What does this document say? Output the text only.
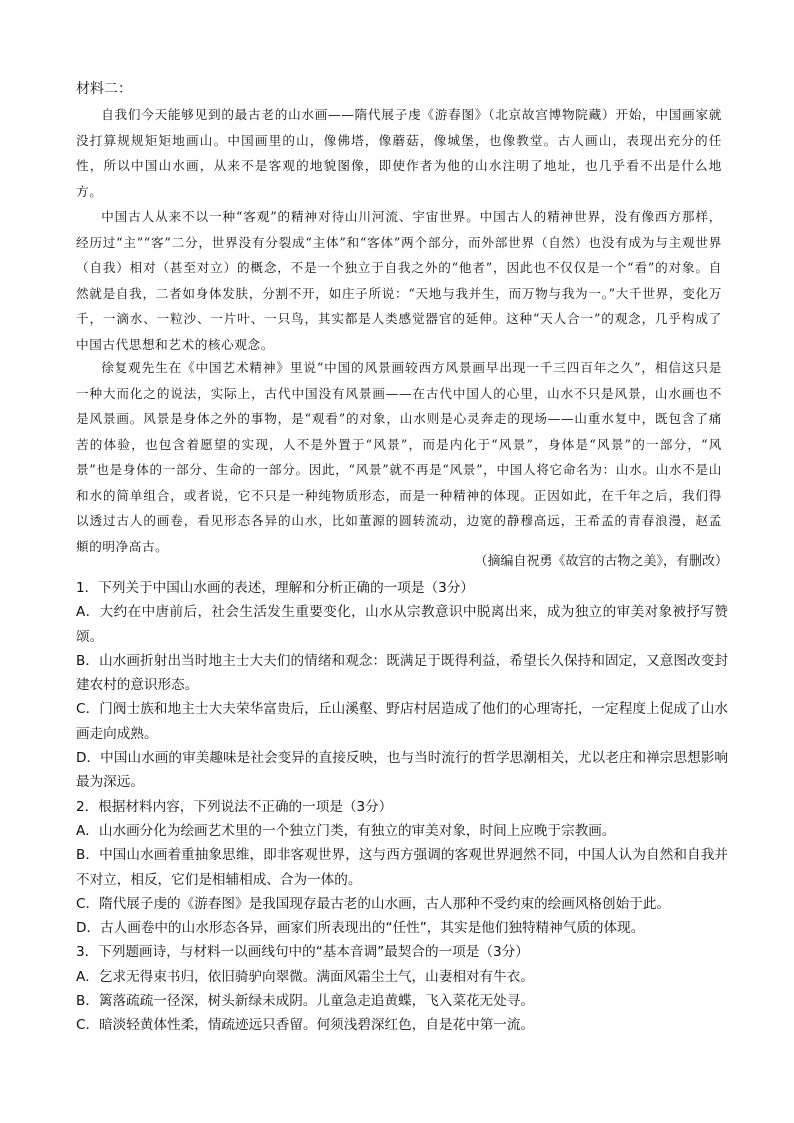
材料二：

自我们今天能够见到的最古老的山水画——隋代展子虔《游春图》（北京故宫博物院藏）开始，中国画家就没打算规规矩矩地画山。中国画里的山，像佛塔，像蘑菇，像城堡，也像教堂。古人画山，表现出充分的任性，所以中国山水画，从来不是客观的地貌图像，即使作者为他的山水注明了地址，也几乎看不出是什么地方。

中国古人从来不以一种“客观”的精神对待山川河流、宇宙世界。中国古人的精神世界，没有像西方那样，经历过“主”“客”二分，世界没有分裂成“主体”和“客体”两个部分，而外部世界（自然）也没有成为与主观世界（自我）相对（甚至对立）的概念，不是一个独立于自我之外的“他者”，因此也不仅仅是一个“看”的对象。自然就是自我，二者如身体发肤，分割不开，如庄子所说：“天地与我并生，而万物与我为一。”大千世界，变化万千，一滴水、一粒沙、一片叶、一只鸟，其实都是人类感觉器官的延伸。这种“天人合一”的观念，几乎构成了中国古代思想和艺术的核心观念。

徐复观先生在《中国艺术精神》里说“中国的风景画较西方风景画早出现一千三四百年之久”，相信这只是一种大而化之的说法，实际上，古代中国没有风景画——在古代中国人的心里，山水不只是风景，山水画也不是风景画。风景是身体之外的事物，是“观看”的对象，山水则是心灵奔走的现场——山重水复中，既包含了痛苦的体验，也包含着愿望的实现，人不是外置于“风景”，而是内化于“风景”，身体是“风景”的一部分，“风景”也是身体的一部分、生命的一部分。因此，“风景”就不再是“风景”，中国人将它命名为：山水。山水不是山和水的简单组合，或者说，它不只是一种纯物质形态，而是一种精神的体现。正因如此，在千年之后，我们得以透过古人的画卷，看见形态各异的山水，比如董源的圆转流动，边宽的静穆高远，王希孟的青春浪漫，赵孟頫的明净高古。

（摘编自祝勇《故宫的古物之美》，有删改）

1．下列关于中国山水画的表述，理解和分析正确的一项是（3分）

A．大约在中唐前后，社会生活发生重要变化，山水从宗教意识中脱离出来，成为独立的审美对象被抒写赞颂。

B．山水画折射出当时地主士大夫们的情绪和观念：既满足于既得利益，希望长久保持和固定，又意图改变封建农村的意识形态。

C．门阀士族和地主士大夫荣华富贵后，丘山溪壑、野店村居造成了他们的心理寄托，一定程度上促成了山水画走向成熟。

D．中国山水画的审美趣味是社会变异的直接反映，也与当时流行的哲学思潮相关，尤以老庄和禅宗思想影响最为深远。

2．根据材料内容，下列说法不正确的一项是（3分）

A．山水画分化为绘画艺术里的一个独立门类，有独立的审美对象，时间上应晚于宗教画。

B．中国山水画着重抽象思维，即非客观世界，这与西方强调的客观世界迥然不同，中国人认为自然和自我并不对立，相反，它们是相辅相成、合为一体的。

C．隋代展子虔的《游春图》是我国现存最古老的山水画，古人那种不受约束的绘画风格创始于此。

D．古人画卷中的山水形态各异，画家们所表现出的“任性”，其实是他们独特精神气质的体现。

3．下列题画诗，与材料一以画线句中的“基本音调”最契合的一项是（3分）

A．乞求无得束书归，依旧骑驴向翠微。满面风霜尘土气，山妻相对有牛衣。

B．篱落疏疏一径深，树头新绿未成阴。儿童急走追黄蝶，飞入菜花无处寻。

C．暗淡轻黄体性柔，情疏迹远只香留。何须浅碧深红色，自是花中第一流。
